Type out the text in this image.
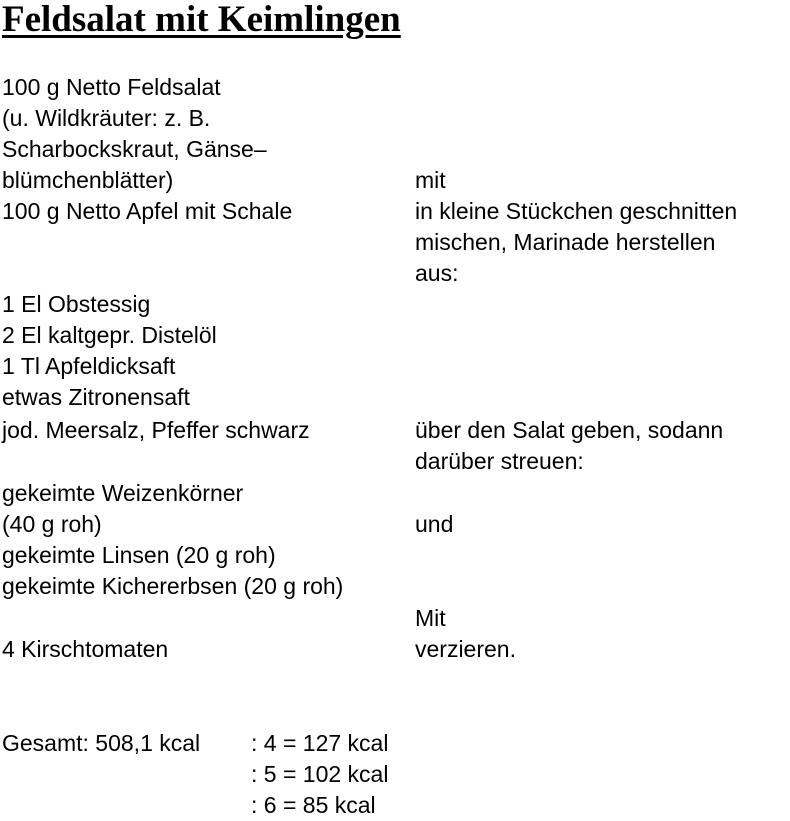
Feldsalat mit Keimlingen
100 g Netto Feldsalat
(u. Wildkräuter: z. B.
Scharbockskraut, Gänse–
blümchenblätter)
100 g Netto Apfel mit Schale
1 El Obstessig
2 El kaltgepr. Distelöl
1 Tl Apfeldicksaft
etwas Zitronensaft
jod. Meersalz, Pfeffer schwarz
gekeimte Weizenkörner
(40 g roh)
gekeimte Linsen (20 g roh)
gekeimte Kichererbsen (20 g roh)
4 Kirschtomaten
mit
in kleine Stückchen geschnitten
mischen, Marinade herstellen
aus:
über den Salat geben, sodann
darüber streuen:
und
Mit
verzieren.
Gesamt: 508,1 kcal : 4 = 127 kcal
: 5 = 102 kcal
: 6 = 85 kcal
